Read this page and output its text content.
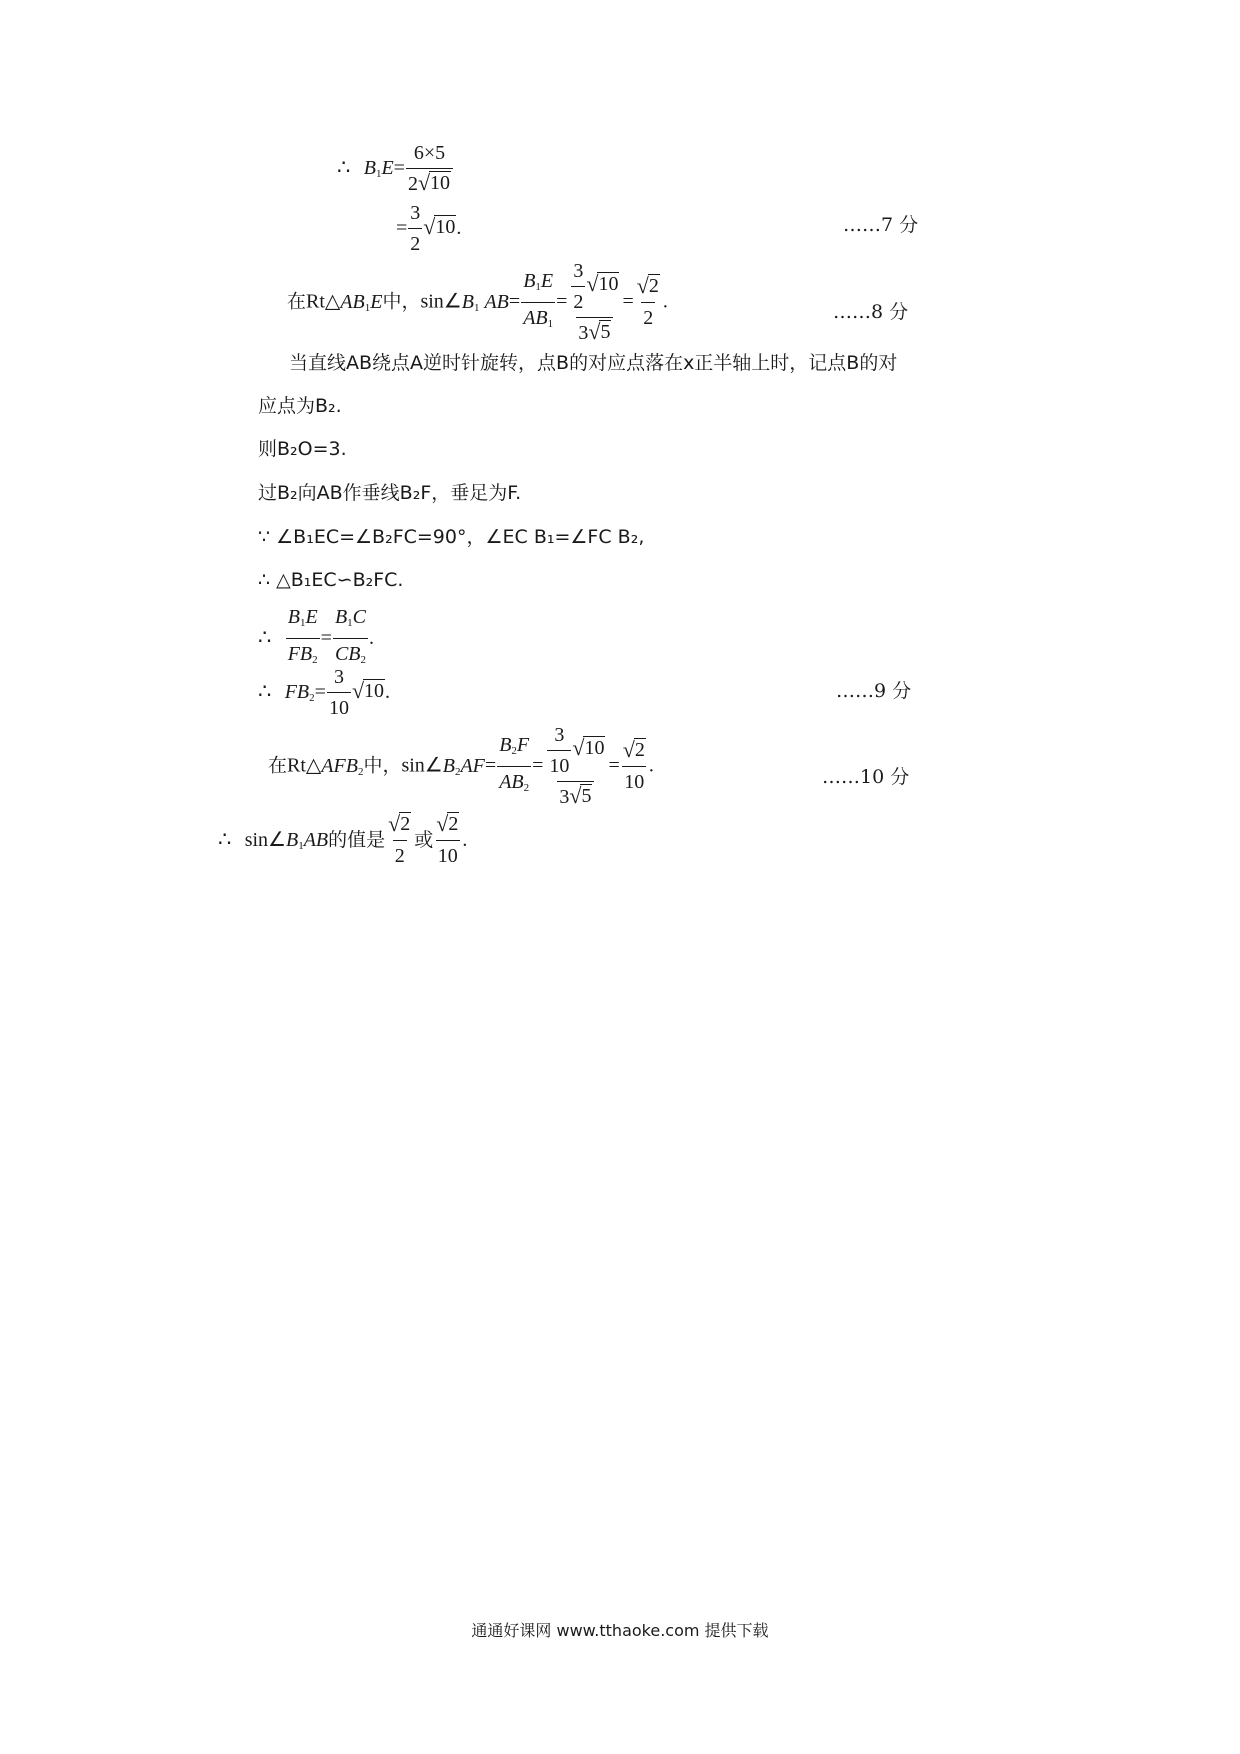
∴  $B_1E= \frac{6\times 5}{2 √ 10}$
= $\frac{3}{2}$ √ 10 .	……7 分
在$Rt\triangle AB_1E$中，$\sin\angle B_1$ $AB= \frac{B_1E}{AB_1} = \frac{\frac{3}{2} √ 10}{3 √ 5} = \frac{√ 2}{2}$ .	……8 分
当直线AB绕点A逆时针旋转，点B的对应点落在x正半轴上时，记点B的对
应点为B₂.
则B₂O=3.
过B₂向AB作垂线B₂F，垂足为F.
∵ ∠B₁EC=∠B₂FC=90°，∠EC B₁=∠FC B₂,
∴ △B₁EC∽B₂FC.
∴ $\frac{B_1E}{FB_2} = \frac{B_1C}{CB_2}$ .
∴  $FB_2= \frac{3}{10}$ √ 10 .	……9 分
在$Rt\triangle AFB_2$中，$\sin\angle B_2AF= \frac{B_2F}{AB_2} = \frac{\frac{3}{10} √ 10}{3 √ 5} = \frac{√ 2}{10}$ .
……10 分
∴  $\sin\angle B_1AB$的值是 $\frac{√ 2}{2}$ 或 $\frac{√ 2}{10}$ .
通通好课网 www.tthaoke.com 提供下载
